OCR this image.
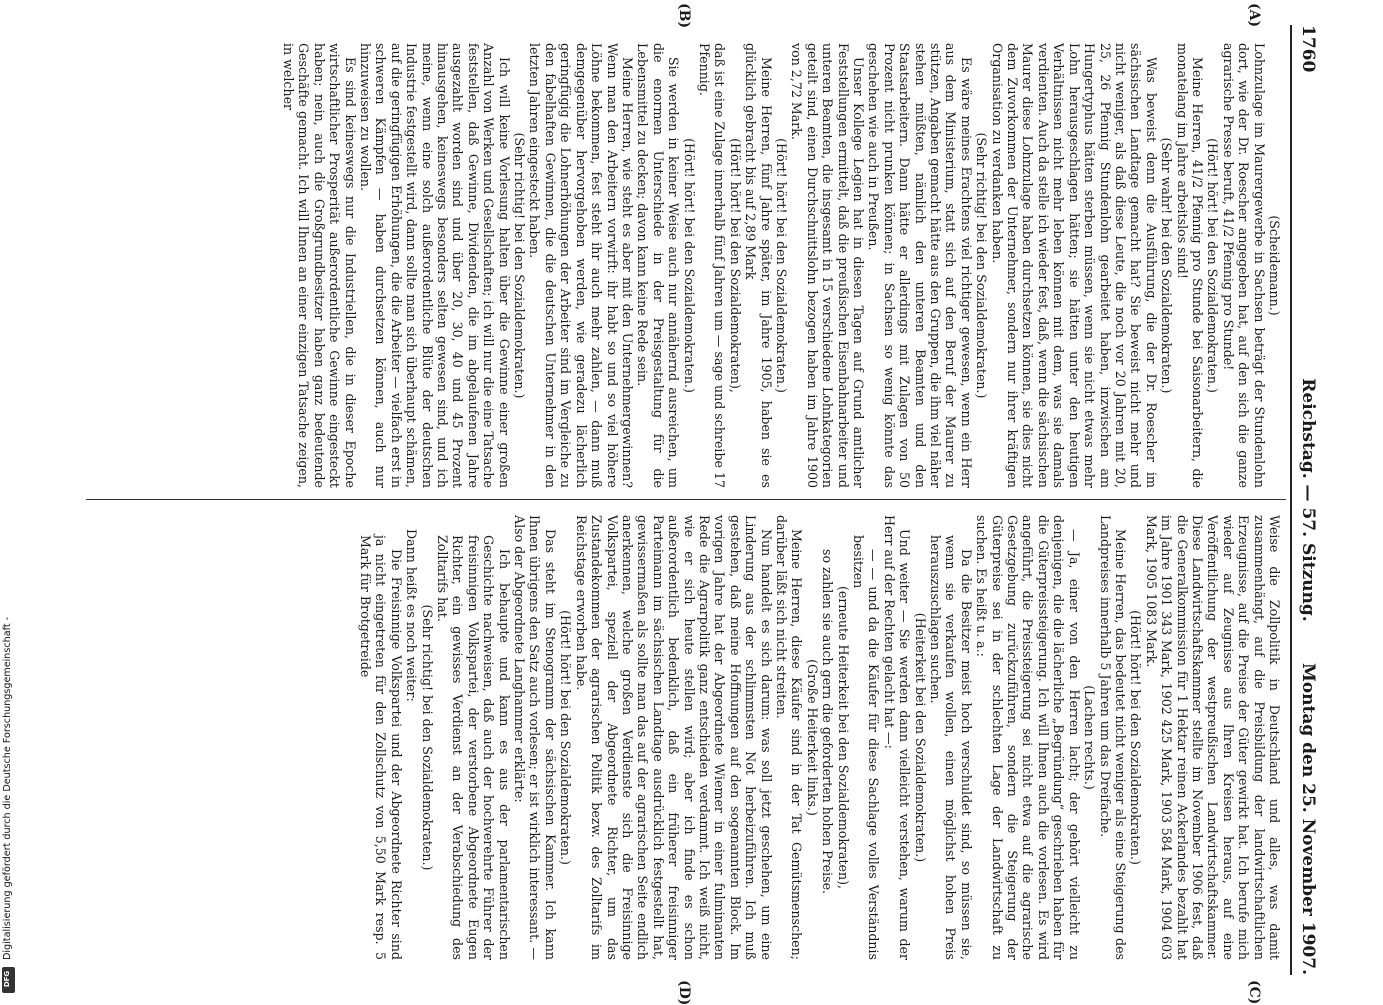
Digitalisierung gefördert durch die Deutsche Forschungsgemeinschaft -
DFG
1760
Reichstag. — 57. Sitzung.
Montag den 25. November 1907.
(A)
(B)
(C)
(D)

(Scheidemann.)

Lohnzulage im Maurergewerbe in Sachsen beträgt der Stundenlohn dort, wie der Dr. Roescher angegeben hat, auf den sich die ganze agrarische Presse beruft, 41/2 Pfennig pro Stunde!

(Hört! hört! bei den Sozialdemokraten.)

Meine Herren, 41/2 Pfennig pro Stunde bei Saisonarbeitern, die monatelang im Jahre arbeitslos sind!

(Sehr wahr! bei den Sozialdemokraten.)

Was beweist denn die Ausführung, die der Dr. Roescher im sächsischen Landtage gemacht hat? Sie beweist nicht mehr und nicht weniger, als daß diese Leute, die noch vor 20 Jahren mit 20, 25, 26 Pfennig Stundenlohn gearbeitet haben, inzwischen am Hungertyphus hätten sterben müssen, wenn sie nicht etwas mehr Lohn herausgeschlagen hätten; sie hätten unter den heutigen Verhältnissen nicht mehr leben können mit dem, was sie damals verdienten. Auch da stelle ich wieder fest, daß, wenn die sächsischen Maurer diese Lohnzulage haben durchsetzen können, sie dies nicht dem Zuvorkommen der Unternehmer, sondern nur ihrer kräftigen Organisation zu verdanken haben.

(Sehr richtig! bei den Sozialdemokraten.)

Es wäre meines Erachtens viel richtiger gewesen, wenn ein Herr aus dem Ministerium, statt sich auf den Beruf der Maurer zu stützen, Angaben gemacht hätte aus den Gruppen, die ihm viel näher stehen müßten, nämlich den unteren Beamten und den Staatsarbeitern. Dann hätte er allerdings mit Zulagen von 50 Prozent nicht prunken können; in Sachsen so wenig könnte das geschehen wie auch in Preußen.

Unser Kollege Legien hat in diesen Tagen auf Grund amtlicher Feststellungen ermittelt, daß die preußischen Eisenbahnarbeiter und unteren Beamten, die insgesamt in 15 verschiedene Lohnkategorien geteilt sind, einen Durchschnittslohn bezogen haben im Jahre 1900 von 2,72 Mark.

(Hört! hört! bei den Sozialdemokraten.)

Meine Herren, fünf Jahre später, im Jahre 1905, haben sie es glücklich gebracht bis auf 2,89 Mark

(Hört! hört! bei den Sozialdemokraten),

daß ist eine Zulage innerhalb fünf Jahren um — sage und schreibe 17 Pfennig.

(Hört! hört! bei den Sozialdemokraten.)

Sie werden in keiner Weise auch nur annähernd ausreichen, um die enormen Unterschiede in der Preisgestaltung für die Lebensmittel zu decken; davon kann keine Rede sein.

Meine Herren, wie steht es aber mit den Unternehmergewinnen? Wenn man den Arbeitern vorwirft: ihr habt so und so viel höhere Löhne bekommen, fest steht ihr auch mehr zahlen, — dann muß demgegenüber hervorgehoben werden, wie geradezu lächerlich geringfügig die Lohnerhöhungen der Arbeiter sind im Vergleiche zu den fabelhaften Gewinnen, die die deutschen Unternehmer in den letzten Jahren eingesteckt haben.

(Sehr richtig! bei den Sozialdemokraten.)

Ich will keine Vorlesung halten über die Gewinne einer großen Anzahl von Werken und Gesellschaften; ich will nur die eine Tatsache feststellen, daß Gewinne, Dividenden, die im abgelaufenen Jahre ausgezahlt worden sind und über 20, 30, 40 und 45 Prozent hinausgehen, keineswegs besonders selten gewesen sind, und ich meine, wenn eine solch außerordentliche Blüte der deutschen Industrie festgestellt wird, dann sollte man sich überhaupt schämen, auf die geringfügigen Erhöhungen, die die Arbeiter — vielfach erst in schweren Kämpfen — haben durchsetzen können, auch nur hinzuweisen zu wollen.

Es sind keineswegs nur die Industriellen, die in dieser Epoche wirtschaftlicher Prosperität außerordentliche Gewinne eingesteckt haben; nein, auch die Großgrundbesitzer haben ganz bedeutende Geschäfte gemacht. Ich will Ihnen an einer einzigen Tatsache zeigen, in welcher

Weise die Zollpolitik in Deutschland und alles, was damit zusammenhängt, auf die Preisbildung der landwirtschaftlichen Erzeugnisse, auf die Preise der Güter gewirkt hat. Ich berufe mich wieder auf Zeugnisse aus Ihren Kreisen heraus, auf eine Veröffentlichung der westpreußischen Landwirtschaftskammer. Diese Landwirtschaftskammer stellte im November 1906 fest, daß die Generalkommission für 1 Hektar reinen Ackerlandes bezahlt hat im Jahre 1901 343 Mark, 1902 425 Mark, 1903 584 Mark, 1904 603 Mark, 1905 1083 Mark.

(Hört! hört! bei den Sozialdemokraten.)

Meine Herren, das bedeutet nicht weniger als eine Steigerung des Landpreises innerhalb 5 Jahren um das Dreifache.

(Lachen rechts.)

— Ja, einer von den Herren lacht; der gehört vielleicht zu denjenigen, die die lächerliche „Begründung“ geschrieben haben für die Güterpreissteigerung. Ich will Ihnen auch die vorlesen. Es wird angeführt, die Preissteigerung sei nicht etwa auf die agrarische Gesetzgebung zurückzuführen, sondern die Steigerung der Güterpreise sei in der schlechten Lage der Landwirtschaft zu suchen. Es heißt u. a.:

Da die Besitzer meist hoch verschuldet sind, so müssen sie, wenn sie verkaufen wollen, einen möglichst hohen Preis herauszuschlagen suchen.

(Heiterkeit bei den Sozialdemokraten.)

Und weiter — Sie werden dann vielleicht verstehen, warum der Herr auf der Rechten gelacht hat —:

— — und da die Käufer für diese Sachlage volles Verständnis besitzen

(erneute Heiterkeit bei den Sozialdemokraten),

so zahlen sie auch gern die geforderten hohen Preise.

(Große Heiterkeit links.)

Meine Herren, diese Käufer sind in der Tat Gemütsmenschen; darüber läßt sich nicht streiten.

Nun handelt es sich darum: was soll jetzt geschehen, um eine Linderung aus der schlimmsten Not herbeizuführen. Ich muß gestehen, daß meine Hoffnungen auf den sogenannten Block. Im vorigen Jahre hat der Abgeordnete Wiemer in einer fulminanten Rede die Agrarpolitik ganz entschieden verdammt. Ich weiß nicht, wie er sich heute stellen wird; aber ich finde es schon außerordentlich bedenklich, daß ein früherer freisinniger Parteimann im sächsischen Landtage ausdrücklich festgestellt hat, gewissermaßen als sollte man das auf der agrarischen Seite endlich anerkennen, welche großen Verdienste sich die Freisinnige Volkspartei, speziell der Abgeordnete Richter, um das Zustandekommen der agrarischen Politik bezw. des Zolltarifs im Reichstage erworben habe.

(Hört! hört! bei den Sozialdemokraten.)

Das steht im Stenogramm der sächsischen Kammer. Ich kann Ihnen übrigens den Satz auch vorlesen; er ist wirklich interessant. — Also der Abgeordnete Langhammer erklärte:

Ich behaupte und kann es aus der parlamentarischen Geschichte nachweisen, daß auch der hochverehrte Führer der freisinnigen Volkspartei, der verstorbene Abgeordnete Eugen Richter, ein gewisses Verdienst an der Verabschiedung des Zolltarifs hat.

(Sehr richtig! bei den Sozialdemokraten.)

Dann heißt es noch weiter:

Die Freisinnige Volkspartei und der Abgeordnete Richter sind ja nicht eingetreten für den Zollschutz von 5,50 Mark resp. 5 Mark für Brotgetreide
